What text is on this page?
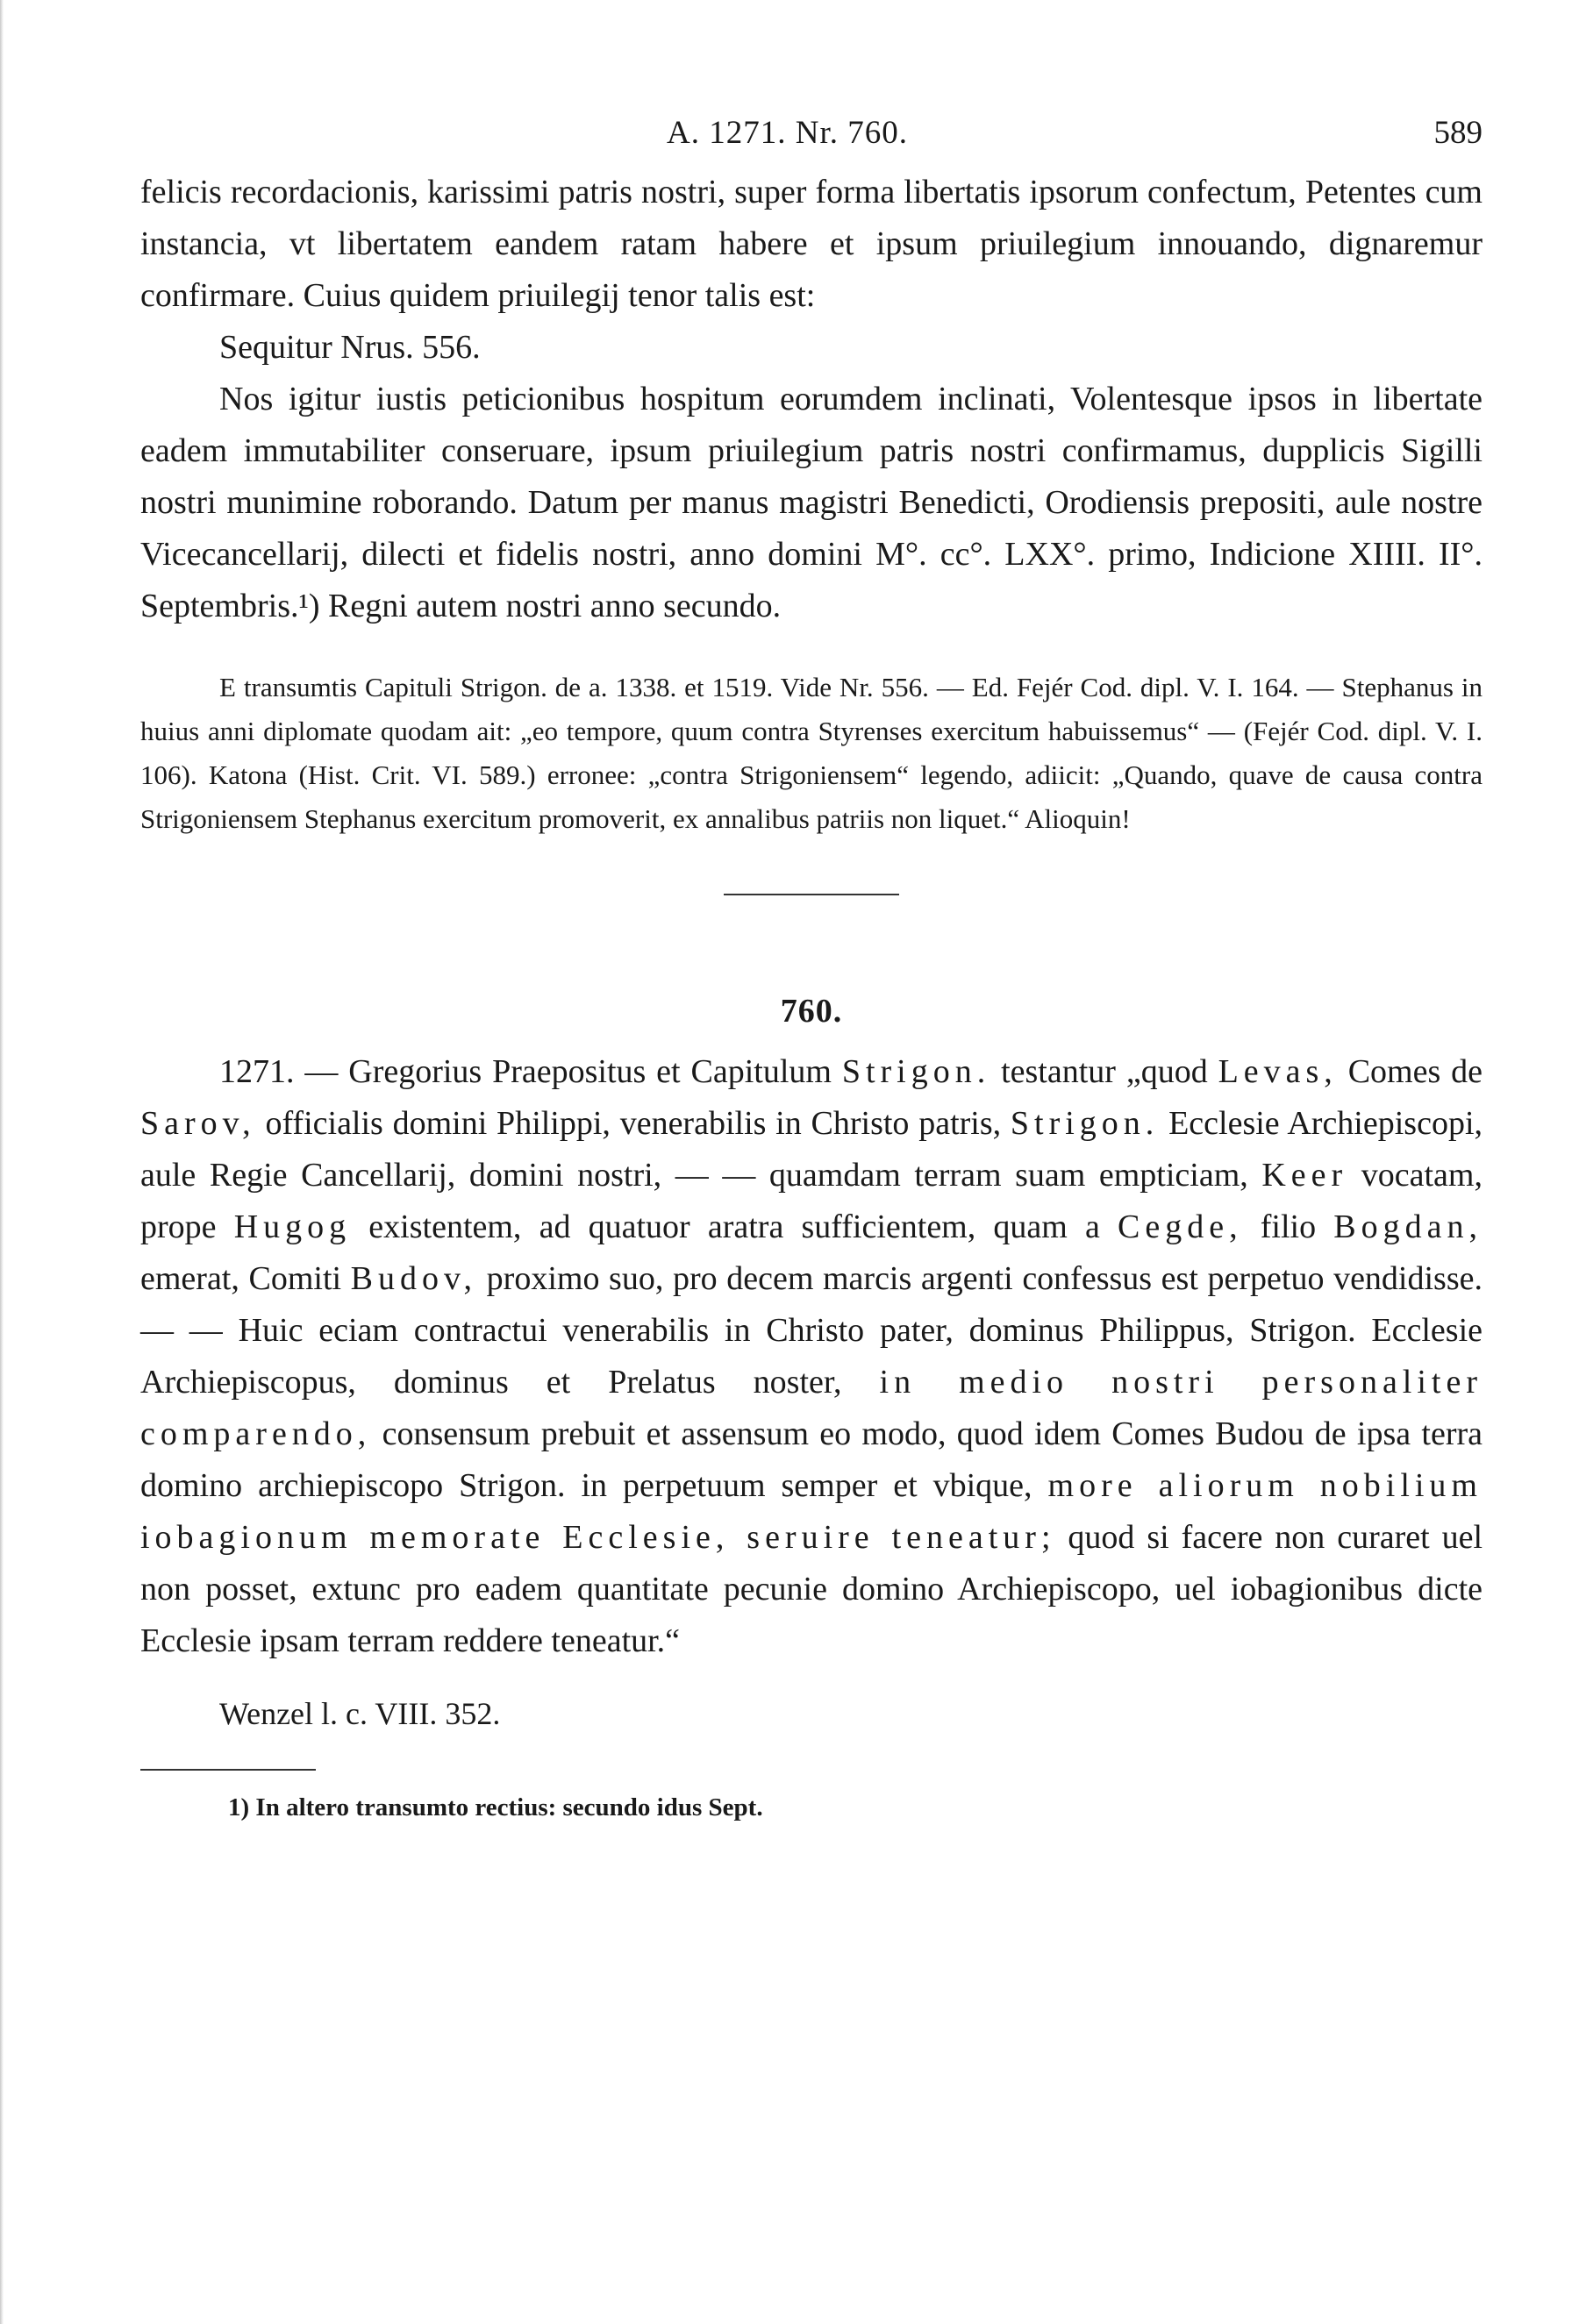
A. 1271. Nr. 760.	589

felicis recordacionis, karissimi patris nostri, super forma libertatis ipsorum confectum, Petentes cum instancia, vt libertatem eandem ratam habere et ipsum priuilegium innouando, dignaremur confirmare. Cuius quidem priuilegij tenor talis est:

Sequitur Nrus. 556.

Nos igitur iustis peticionibus hospitum eorumdem inclinati, Volentesque ipsos in libertate eadem immutabiliter conseruare, ipsum priuilegium patris nostri confirmamus, dupplicis Sigilli nostri munimine roborando. Datum per manus magistri Benedicti, Orodiensis prepositi, aule nostre Vicecancellarij, dilecti et fidelis nostri, anno domini M°. cc°. LXX°. primo, Indicione XIIII. II°. Septembris.¹) Regni autem nostri anno secundo.

E transumtis Capituli Strigon. de a. 1338. et 1519. Vide Nr. 556. — Ed. Fejér Cod. dipl. V. I. 164. — Stephanus in huius anni diplomate quodam ait: „eo tempore, quum contra Styrenses exercitum habuissemus“ — (Fejér Cod. dipl. V. I. 106). Katona (Hist. Crit. VI. 589.) erronee: „contra Strigoniensem“ legendo, adiicit: „Quando, quave de causa contra Strigoniensem Stephanus exercitum promoverit, ex annalibus patriis non liquet.“ Alioquin!

760.

1271. — Gregorius Praepositus et Capitulum Strigon. testantur „quod Levas, Comes de Sarov, officialis domini Philippi, venerabilis in Christo patris, Strigon. Ecclesie Archiepiscopi, aule Regie Cancellarij, domini nostri, — — quamdam terram suam empticiam, Keer vocatam, prope Hugog existentem, ad quatuor aratra sufficientem, quam a Cegde, filio Bogdan, emerat, Comiti Budov, proximo suo, pro decem marcis argenti confessus est perpetuo vendidisse. — — Huic eciam contractui venerabilis in Christo pater, dominus Philippus, Strigon. Ecclesie Archiepiscopus, dominus et Prelatus noster, in medio nostri personaliter comparendo, consensum prebuit et assensum eo modo, quod idem Comes Budou de ipsa terra domino archiepiscopo Strigon. in perpetuum semper et vbique, more aliorum nobilium iobagionum memorate Ecclesie, seruire teneatur; quod si facere non curaret uel non posset, extunc pro eadem quantitate pecunie domino Archiepiscopo, uel iobagionibus dicte Ecclesie ipsam terram reddere teneatur.“

Wenzel l. c. VIII. 352.

1) In altero transumto rectius: secundo idus Sept.
